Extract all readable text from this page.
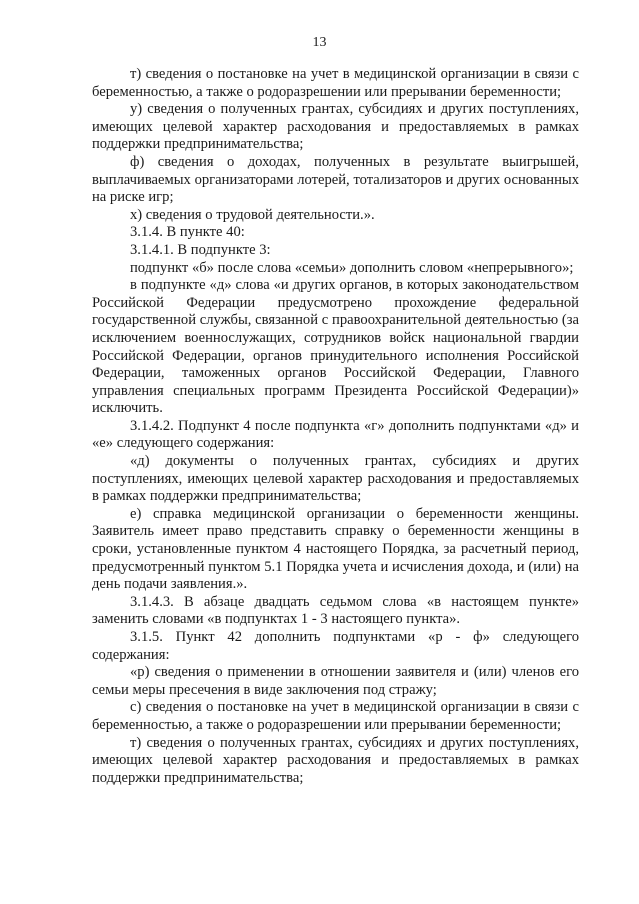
13

т) сведения о постановке на учет в медицинской организации в связи с беременностью, а также о родоразрешении или прерывании беременности;

у) сведения о полученных грантах, субсидиях и других поступлениях, имеющих целевой характер расходования и предоставляемых в рамках поддержки предпринимательства;

ф) сведения о доходах, полученных в результате выигрышей, выплачиваемых организаторами лотерей, тотализаторов и других основанных на риске игр;

х) сведения о трудовой деятельности.».

3.1.4. В пункте 40:

3.1.4.1. В подпункте 3:

подпункт «б» после слова «семьи» дополнить словом «непрерывного»;

в подпункте «д» слова «и других органов, в которых законодательством Российской Федерации предусмотрено прохождение федеральной государственной службы, связанной с правоохранительной деятельностью (за исключением военнослужащих, сотрудников войск национальной гвардии Российской Федерации, органов принудительного исполнения Российской Федерации, таможенных органов Российской Федерации, Главного управления специальных программ Президента Российской Федерации)» исключить.

3.1.4.2. Подпункт 4 после подпункта «г» дополнить подпунктами «д» и «е» следующего содержания:

«д) документы о полученных грантах, субсидиях и других поступлениях, имеющих целевой характер расходования и предоставляемых в рамках поддержки предпринимательства;

е) справка медицинской организации о беременности женщины. Заявитель имеет право представить справку о беременности женщины в сроки, установленные пунктом 4 настоящего Порядка, за расчетный период, предусмотренный пунктом 5.1 Порядка учета и исчисления дохода, и (или) на день подачи заявления.».

3.1.4.3. В абзаце двадцать седьмом слова «в настоящем пункте» заменить словами «в подпунктах 1 - 3 настоящего пункта».

3.1.5. Пункт 42 дополнить подпунктами «р - ф» следующего содержания:

«р) сведения о применении в отношении заявителя и (или) членов его семьи меры пресечения в виде заключения под стражу;

с) сведения о постановке на учет в медицинской организации в связи с беременностью, а также о родоразрешении или прерывании беременности;

т) сведения о полученных грантах, субсидиях и других поступлениях, имеющих целевой характер расходования и предоставляемых в рамках поддержки предпринимательства;
